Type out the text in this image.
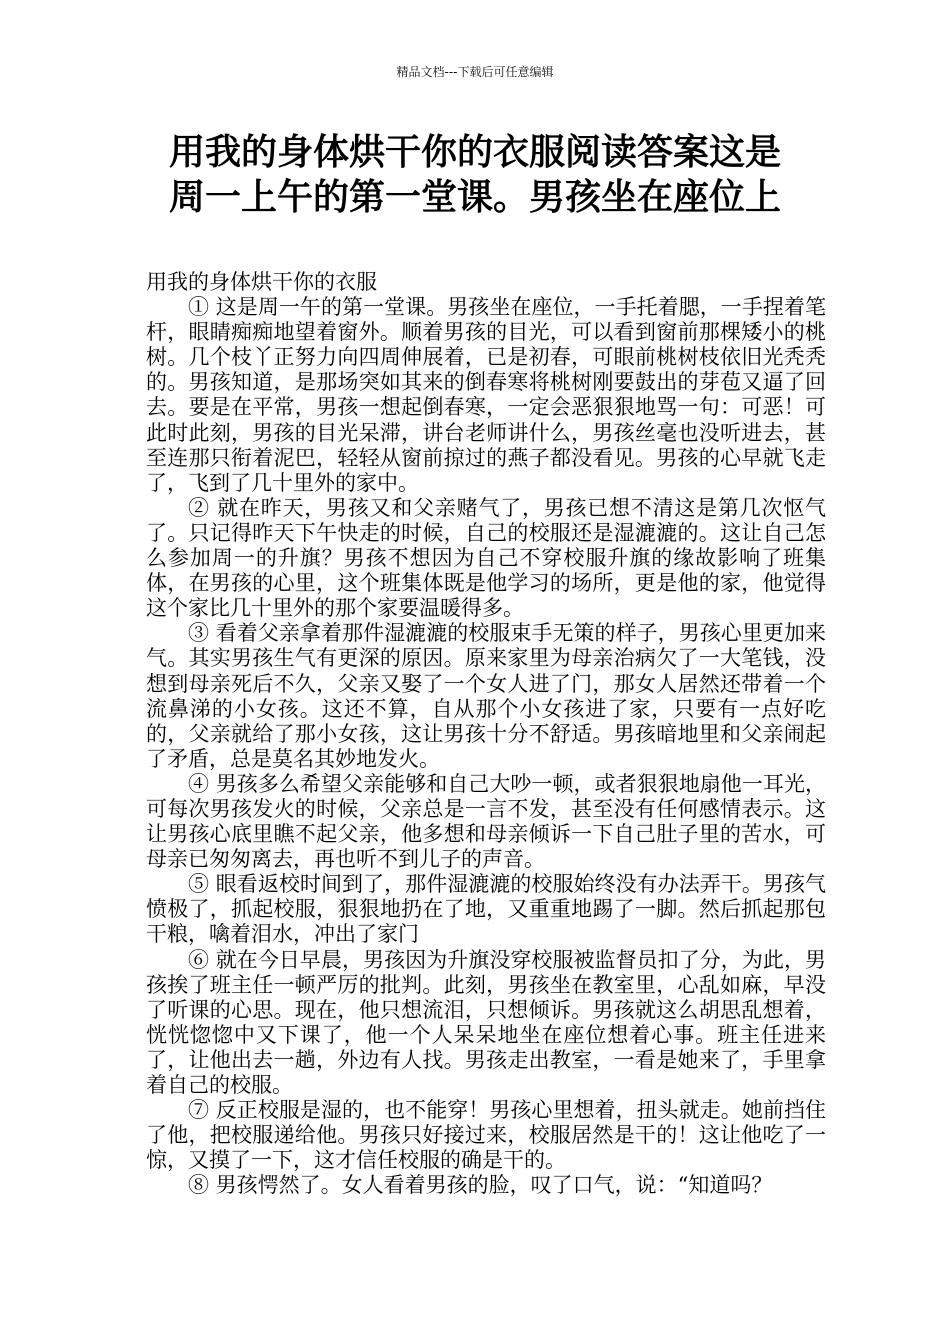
精品文档---下载后可任意编辑
用我的身体烘干你的衣服阅读答案这是
周一上午的第一堂课。男孩坐在座位上
用我的身体烘干你的衣服

① 这是周一午的第一堂课。男孩坐在座位，一手托着腮，一手捏着笔杆，眼睛痴痴地望着窗外。顺着男孩的目光，可以看到窗前那棵矮小的桃树。几个枝丫正努力向四周伸展着，已是初春，可眼前桃树枝依旧光秃秃的。男孩知道，是那场突如其来的倒春寒将桃树刚要鼓出的芽苞又逼了回去。要是在平常，男孩一想起倒春寒，一定会恶狠狠地骂一句：可恶！可此时此刻，男孩的目光呆滞，讲台老师讲什么，男孩丝毫也没听进去，甚至连那只衔着泥巴，轻轻从窗前掠过的燕子都没看见。男孩的心早就飞走了，飞到了几十里外的家中。

② 就在昨天，男孩又和父亲赌气了，男孩已想不清这是第几次怄气了。只记得昨天下午快走的时候，自己的校服还是湿漉漉的。这让自己怎么参加周一的升旗？男孩不想因为自己不穿校服升旗的缘故影响了班集体，在男孩的心里，这个班集体既是他学习的场所，更是他的家，他觉得这个家比几十里外的那个家要温暖得多。

③ 看着父亲拿着那件湿漉漉的校服束手无策的样子，男孩心里更加来气。其实男孩生气有更深的原因。原来家里为母亲治病欠了一大笔钱，没想到母亲死后不久，父亲又娶了一个女人进了门，那女人居然还带着一个流鼻涕的小女孩。这还不算，自从那个小女孩进了家，只要有一点好吃的，父亲就给了那小女孩，这让男孩十分不舒适。男孩暗地里和父亲闹起了矛盾，总是莫名其妙地发火。

④ 男孩多么希望父亲能够和自己大吵一顿，或者狠狠地扇他一耳光，可每次男孩发火的时候，父亲总是一言不发，甚至没有任何感情表示。这让男孩心底里瞧不起父亲，他多想和母亲倾诉一下自己肚子里的苦水，可母亲已匆匆离去，再也听不到儿子的声音。

⑤ 眼看返校时间到了，那件湿漉漉的校服始终没有办法弄干。男孩气愤极了，抓起校服，狠狠地扔在了地，又重重地踢了一脚。然后抓起那包干粮，噙着泪水，冲出了家门

⑥ 就在今日早晨，男孩因为升旗没穿校服被监督员扣了分，为此，男孩挨了班主任一顿严厉的批判。此刻，男孩坐在教室里，心乱如麻，早没了听课的心思。现在，他只想流泪，只想倾诉。男孩就这么胡思乱想着，恍恍惚惚中又下课了，他一个人呆呆地坐在座位想着心事。班主任进来了，让他出去一趟，外边有人找。男孩走出教室，一看是她来了，手里拿着自己的校服。

⑦ 反正校服是湿的，也不能穿！男孩心里想着，扭头就走。她前挡住了他，把校服递给他。男孩只好接过来，校服居然是干的！这让他吃了一惊，又摸了一下，这才信任校服的确是干的。

⑧ 男孩愕然了。女人看着男孩的脸，叹了口气，说：“知道吗？
